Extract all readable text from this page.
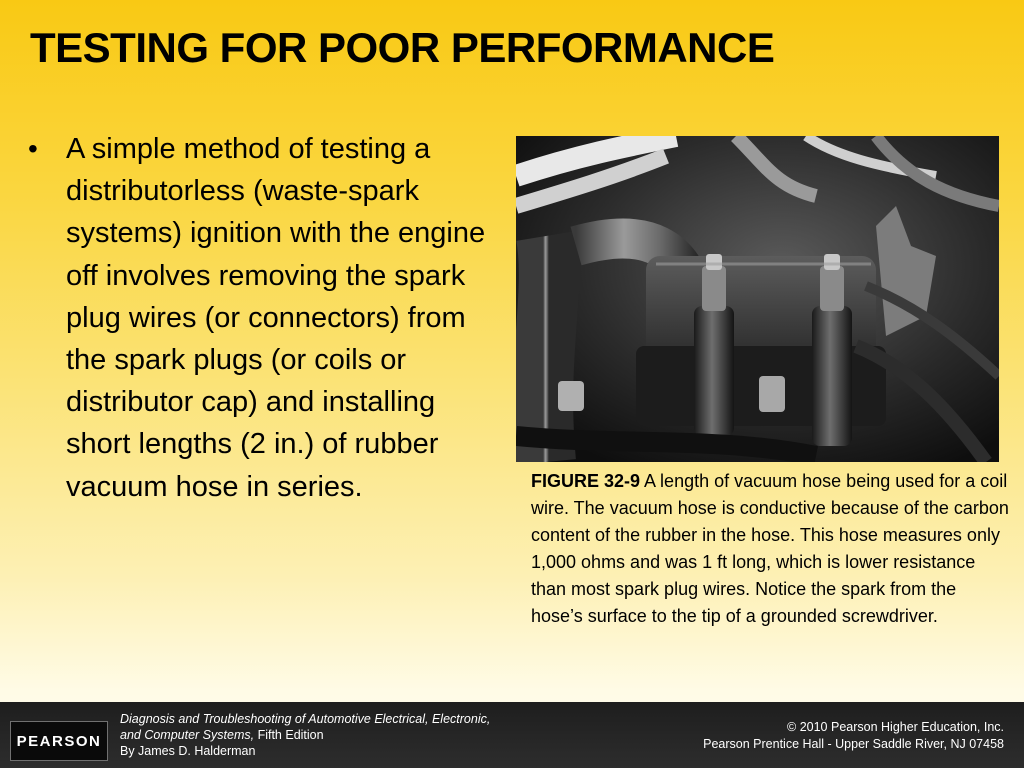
TESTING FOR POOR PERFORMANCE
• A simple method of testing a distributorless (waste-spark systems) ignition with the engine off involves removing the spark plug wires (or connectors) from the spark plugs (or coils or distributor cap) and installing short lengths (2 in.) of rubber vacuum hose in series.	FIGURE 32-9 A length of vacuum hose being used for a coil wire. The vacuum hose is conductive because of the carbon content of the rubber in the hose. This hose measures only 1,000 ohms and was 1 ft long, which is lower resistance than most spark plug wires. Notice the spark from the hose’s surface to the tip of a grounded screwdriver.
PEARSON
Diagnosis and Troubleshooting of Automotive Electrical, Electronic, and Computer Systems, Fifth Edition
By James D. Halderman
© 2010 Pearson Higher Education, Inc.
Pearson Prentice Hall - Upper Saddle River, NJ 07458
